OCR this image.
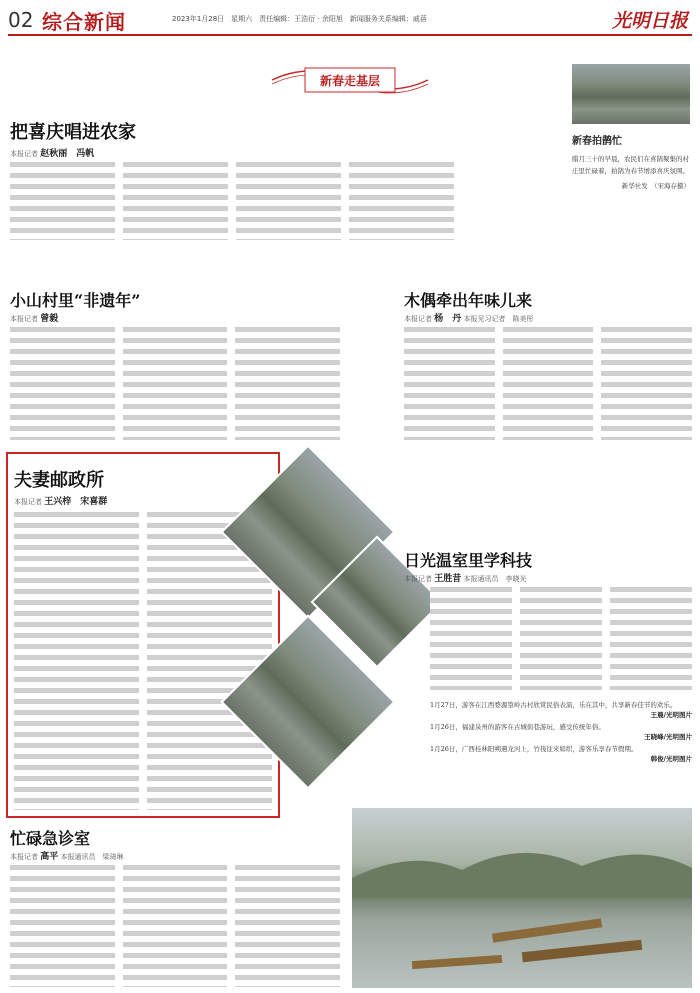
02 综合新闻	2023年1月28日　星期六　责任编辑：王浩衍 · 余阳旭　新闻服务关系编辑：戚蓓	光明日报
新春走基层
把喜庆唱进农家
本报记者 赵秋丽　冯帆
新春拍鹊忙
腊月三十的早晨，农民们在喜鹊聚集的村庄里忙碌着，拍鹊为春节增添喜庆氛围。
新华社发　（宋海存摄）
小山村里“非遗年”
本报记者 曾毅
木偶牵出年味儿来
本报记者 杨　丹 本报见习记者　陈美彤
夫妻邮政所
本报记者 王兴梓　宋喜群
日光温室里学科技
本报记者 王胜昔 本报通讯员　李晓光
1月27日，游客在江西婺源篁岭古村欣赏民俗表演，乐在其中，共享新春佳节的欢乐。
王晨/光明图片
1月26日，福建泉州的游客在古城街巷游玩，感受传统年俗。
王晓峰/光明图片
1月26日，广西桂林阳朔遇龙河上，竹筏往来如织，游客乐享春节假期。
韩俊/光明图片
忙碌急诊室
本报记者 高平 本报通讯员　梁琦琳
